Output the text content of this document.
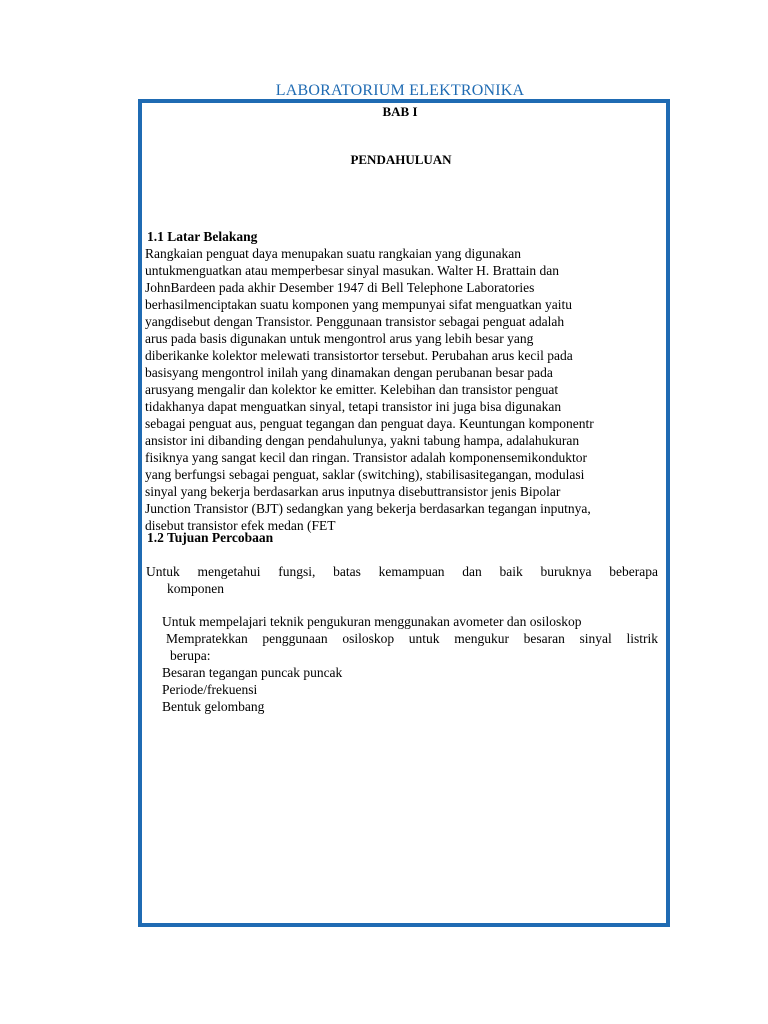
LABORATORIUM ELEKTRONIKA
BAB I
PENDAHULUAN
1.1 Latar Belakang
Rangkaian penguat daya menupakan suatu rangkaian yang digunakan
untukmenguatkan atau memperbesar sinyal masukan. Walter H. Brattain dan
JohnBardeen pada akhir Desember 1947 di Bell Telephone Laboratories
berhasilmenciptakan suatu komponen yang mempunyai sifat menguatkan yaitu
yangdisebut dengan Transistor. Penggunaan transistor sebagai penguat adalah
arus pada basis digunakan untuk mengontrol arus yang lebih besar yang
diberikanke kolektor melewati transistortor tersebut. Perubahan arus kecil pada
basisyang mengontrol inilah yang dinamakan dengan perubanan besar pada
arusyang mengalir dan kolektor ke emitter. Kelebihan dan transistor penguat
tidakhanya dapat menguatkan sinyal, tetapi transistor ini juga bisa digunakan
sebagai penguat aus, penguat tegangan dan penguat daya. Keuntungan komponentr
ansistor ini dibanding dengan pendahulunya, yakni tabung hampa, adalahukuran
fisiknya yang sangat kecil dan ringan. Transistor adalah komponensemikonduktor
yang berfungsi sebagai penguat, saklar (switching), stabilisasitegangan, modulasi
sinyal yang bekerja berdasarkan arus inputnya disebuttransistor jenis Bipolar
Junction Transistor (BJT) sedangkan yang bekerja berdasarkan tegangan inputnya,
disebut transistor efek medan (FET
1.2 Tujuan Percobaan
Untuk mengetahui fungsi, batas kemampuan dan baik buruknya beberapa
komponen
Untuk mempelajari teknik pengukuran menggunakan avometer dan osiloskop
Mempratekkan penggunaan osiloskop untuk mengukur besaran sinyal listrik
berupa:
Besaran tegangan puncak puncak
Periode/frekuensi
Bentuk gelombang
